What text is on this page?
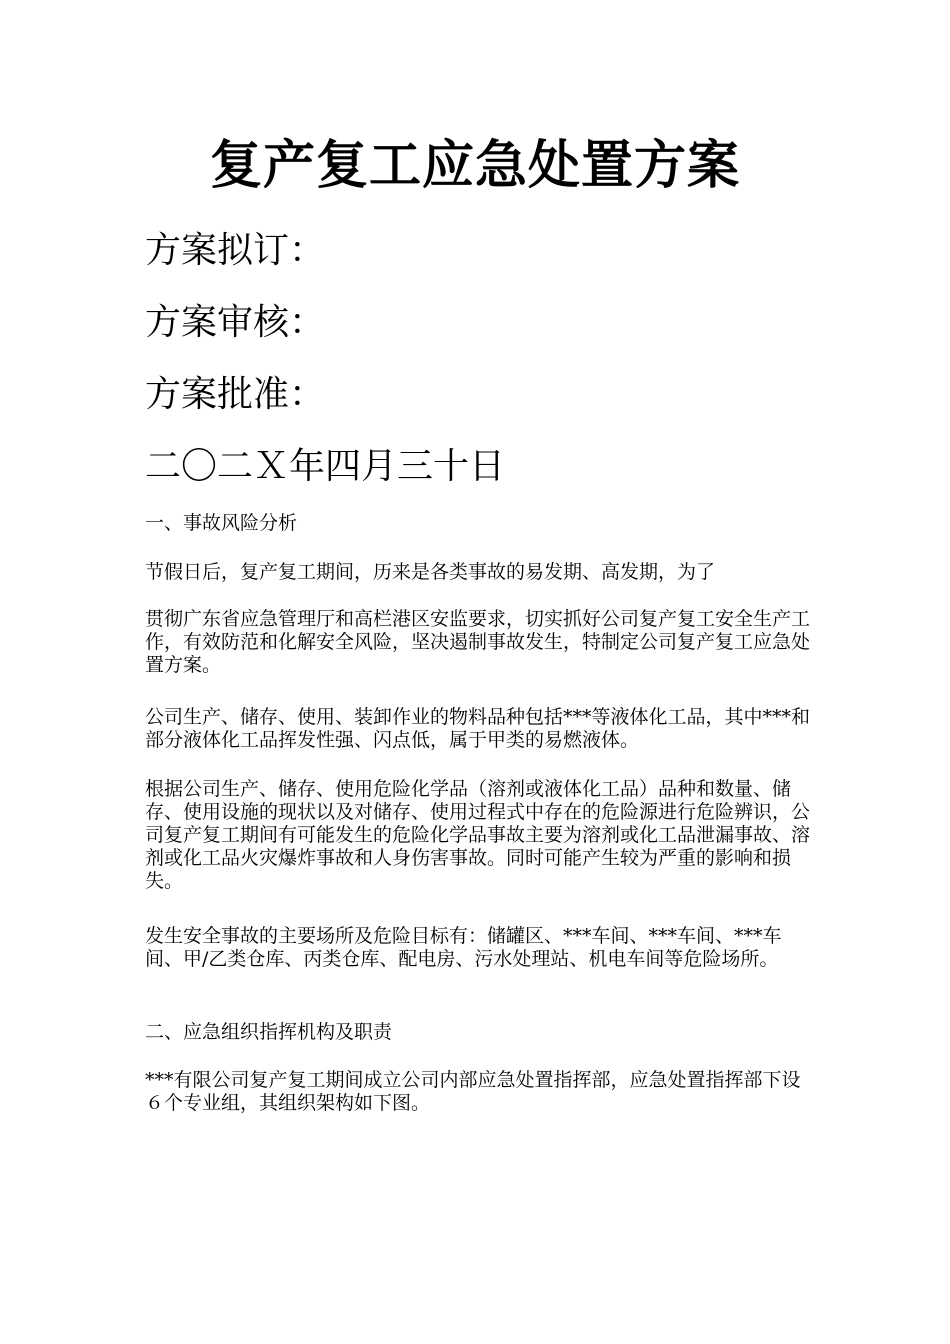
复产复工应急处置方案
方案拟订：
方案审核：
方案批准：
二〇二Ｘ年四月三十日

一、事故风险分析

节假日后，复产复工期间，历来是各类事故的易发期、高发期，为了

贯彻广东省应急管理厅和高栏港区安监要求，切实抓好公司复产复工安全生产工作，有效防范和化解安全风险，坚决遏制事故发生，特制定公司复产复工应急处置方案。

公司生产、储存、使用、装卸作业的物料品种包括***等液体化工品，其中***和部分液体化工品挥发性强、闪点低，属于甲类的易燃液体。

根据公司生产、储存、使用危险化学品（溶剂或液体化工品）品种和数量、储存、使用设施的现状以及对储存、使用过程式中存在的危险源进行危险辨识，公司复产复工期间有可能发生的危险化学品事故主要为溶剂或化工品泄漏事故、溶剂或化工品火灾爆炸事故和人身伤害事故。同时可能产生较为严重的影响和损失。

发生安全事故的主要场所及危险目标有：储罐区、***车间、***车间、***车间、甲/乙类仓库、丙类仓库、配电房、污水处理站、机电车间等危险场所。

二、应急组织指挥机构及职责

***有限公司复产复工期间成立公司内部应急处置指挥部，应急处置指挥部下设６个专业组，其组织架构如下图。
